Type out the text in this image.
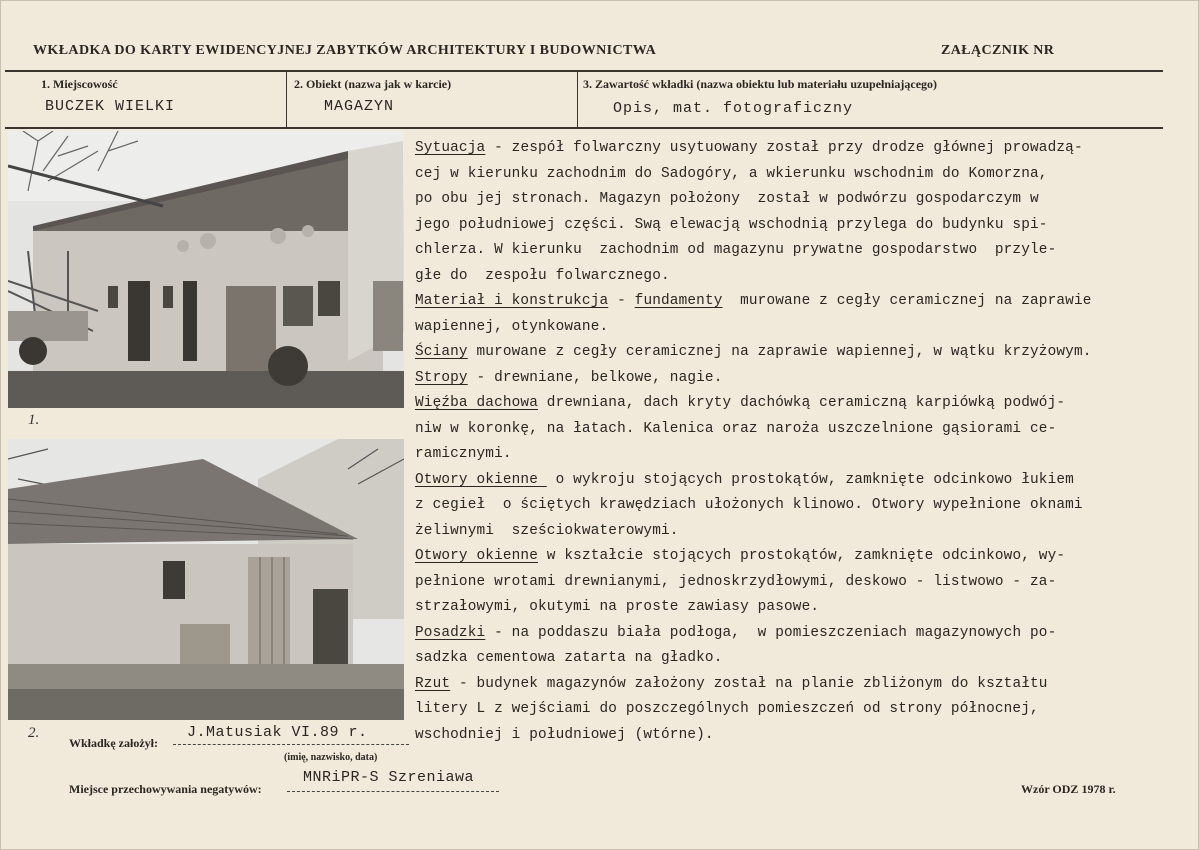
WKŁADKA DO KARTY EWIDENCYJNEJ ZABYTKÓW ARCHITEKTURY I BUDOWNICTWA	ZAŁĄCZNIK NR
1. Miejscowość
BUCZEK WIELKI
2. Obiekt (nazwa jak w karcie)
MAGAZYN
3. Zawartość wkładki (nazwa obiektu lub materiału uzupełniającego)
Opis, mat. fotograficzny
1.
2.
Sytuacja - zespół folwarczny usytuowany został przy drodze głównej prowadzą-
cej w kierunku zachodnim do Sadogóry, a wkierunku wschodnim do Komorzna,
po obu jej stronach. Magazyn położony  został w podwórzu gospodarczym w
jego południowej części. Swą elewacją wschodnią przylega do budynku spi-
chlerza. W kierunku  zachodnim od magazynu prywatne gospodarstwo  przyle-
głe do  zespołu folwarcznego.
Materiał i konstrukcja - fundamenty  murowane z cegły ceramicznej na zaprawie
wapiennej, otynkowane.
Ściany murowane z cegły ceramicznej na zaprawie wapiennej, w wątku krzyżowym.
Stropy - drewniane, belkowe, nagie.
Więźba dachowa drewniana, dach kryty dachówką ceramiczną karpiówką podwój-
niw w koronkę, na łatach. Kalenica oraz naroża uszczelnione gąsiorami ce-
ramicznymi.
Otwory okienne  o wykroju stojących prostokątów, zamknięte odcinkowo łukiem
z cegieł  o ściętych krawędziach ułożonych klinowo. Otwory wypełnione oknami
żeliwnymi  sześciokwaterowymi.
Otwory okienne w kształcie stojących prostokątów, zamknięte odcinkowo, wy-
pełnione wrotami drewnianymi, jednoskrzydłowymi, deskowo - listwowo - za-
strzałowymi, okutymi na proste zawiasy pasowe.
Posadzki - na poddaszu biała podłoga,  w pomieszczeniach magazynowych po-
sadzka cementowa zatarta na gładko.
Rzut - budynek magazynów założony został na planie zbliżonym do kształtu
litery L z wejściami do poszczególnych pomieszczeń od strony północnej,
wschodniej i południowej (wtórne).
Wkładkę założył:
J.Matusiak VI.89 r.
(imię, nazwisko, data)
Miejsce przechowywania negatywów:
MNRiPR-S Szreniawa
Wzór ODZ 1978 r.
